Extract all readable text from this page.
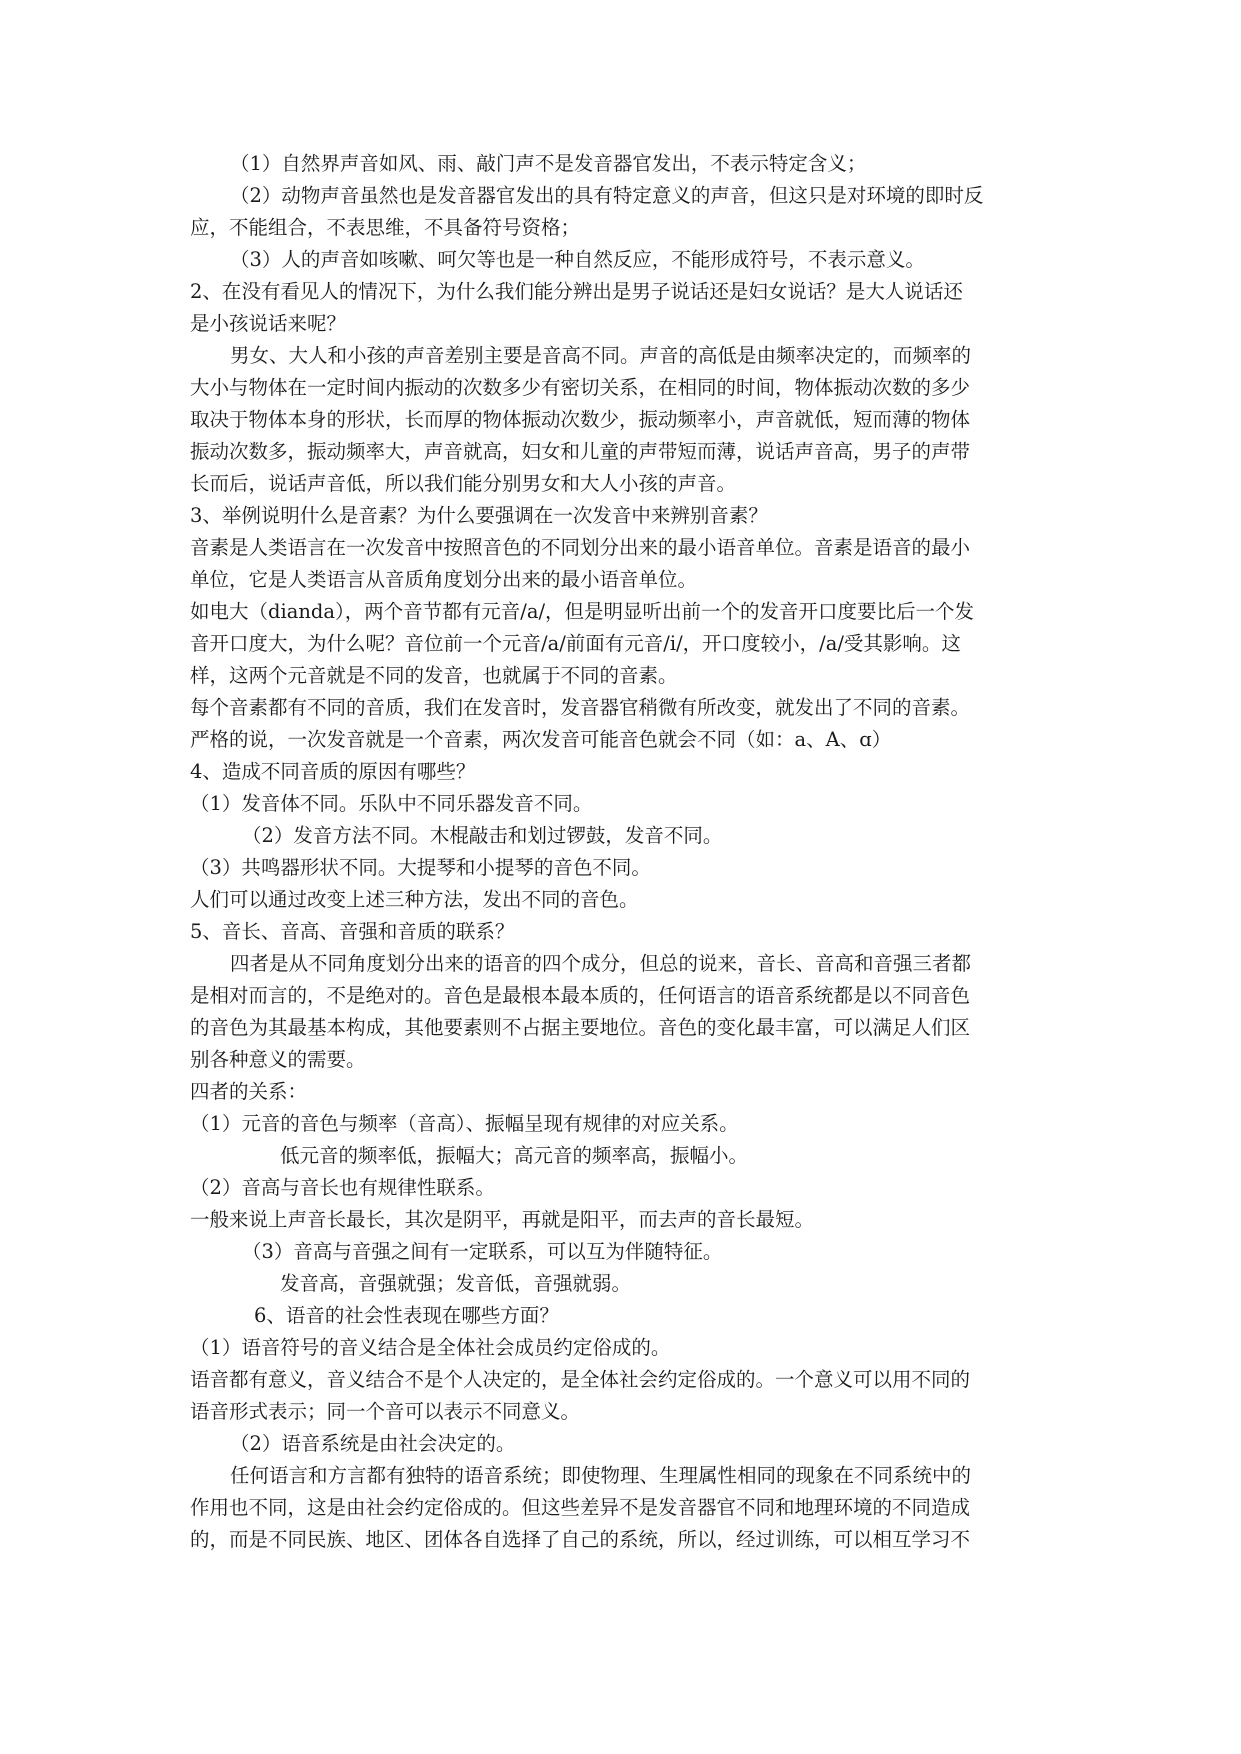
（1）自然界声音如风、雨、敲门声不是发音器官发出，不表示特定含义；
（2）动物声音虽然也是发音器官发出的具有特定意义的声音，但这只是对环境的即时反
应，不能组合，不表思维，不具备符号资格；
（3）人的声音如咳嗽、呵欠等也是一种自然反应，不能形成符号，不表示意义。
2、在没有看见人的情况下，为什么我们能分辨出是男子说话还是妇女说话？是大人说话还
是小孩说话来呢？
男女、大人和小孩的声音差别主要是音高不同。声音的高低是由频率决定的，而频率的
大小与物体在一定时间内振动的次数多少有密切关系，在相同的时间，物体振动次数的多少
取决于物体本身的形状，长而厚的物体振动次数少，振动频率小，声音就低，短而薄的物体
振动次数多，振动频率大，声音就高，妇女和儿童的声带短而薄，说话声音高，男子的声带
长而后，说话声音低，所以我们能分别男女和大人小孩的声音。
3、举例说明什么是音素？为什么要强调在一次发音中来辨别音素？
音素是人类语言在一次发音中按照音色的不同划分出来的最小语音单位。音素是语音的最小
单位，它是人类语言从音质角度划分出来的最小语音单位。
如电大（dianda），两个音节都有元音/a/，但是明显听出前一个的发音开口度要比后一个发
音开口度大，为什么呢？音位前一个元音/a/前面有元音/i/，开口度较小，/a/受其影响。这
样，这两个元音就是不同的发音，也就属于不同的音素。
每个音素都有不同的音质，我们在发音时，发音器官稍微有所改变，就发出了不同的音素。
严格的说，一次发音就是一个音素，两次发音可能音色就会不同（如：a、A、ɑ）
4、造成不同音质的原因有哪些？
（1）发音体不同。乐队中不同乐器发音不同。
（2）发音方法不同。木棍敲击和划过锣鼓，发音不同。
（3）共鸣器形状不同。大提琴和小提琴的音色不同。
人们可以通过改变上述三种方法，发出不同的音色。
5、音长、音高、音强和音质的联系？
四者是从不同角度划分出来的语音的四个成分，但总的说来，音长、音高和音强三者都
是相对而言的，不是绝对的。音色是最根本最本质的，任何语言的语音系统都是以不同音色
的音色为其最基本构成，其他要素则不占据主要地位。音色的变化最丰富，可以满足人们区
别各种意义的需要。
四者的关系：
（1）元音的音色与频率（音高）、振幅呈现有规律的对应关系。
低元音的频率低，振幅大；高元音的频率高，振幅小。
（2）音高与音长也有规律性联系。
一般来说上声音长最长，其次是阴平，再就是阳平，而去声的音长最短。
（3）音高与音强之间有一定联系，可以互为伴随特征。
发音高，音强就强；发音低，音强就弱。
6、语音的社会性表现在哪些方面？
（1）语音符号的音义结合是全体社会成员约定俗成的。
语音都有意义，音义结合不是个人决定的，是全体社会约定俗成的。一个意义可以用不同的
语音形式表示；同一个音可以表示不同意义。
（2）语音系统是由社会决定的。
任何语言和方言都有独特的语音系统；即使物理、生理属性相同的现象在不同系统中的
作用也不同，这是由社会约定俗成的。但这些差异不是发音器官不同和地理环境的不同造成
的，而是不同民族、地区、团体各自选择了自己的系统，所以，经过训练，可以相互学习不
